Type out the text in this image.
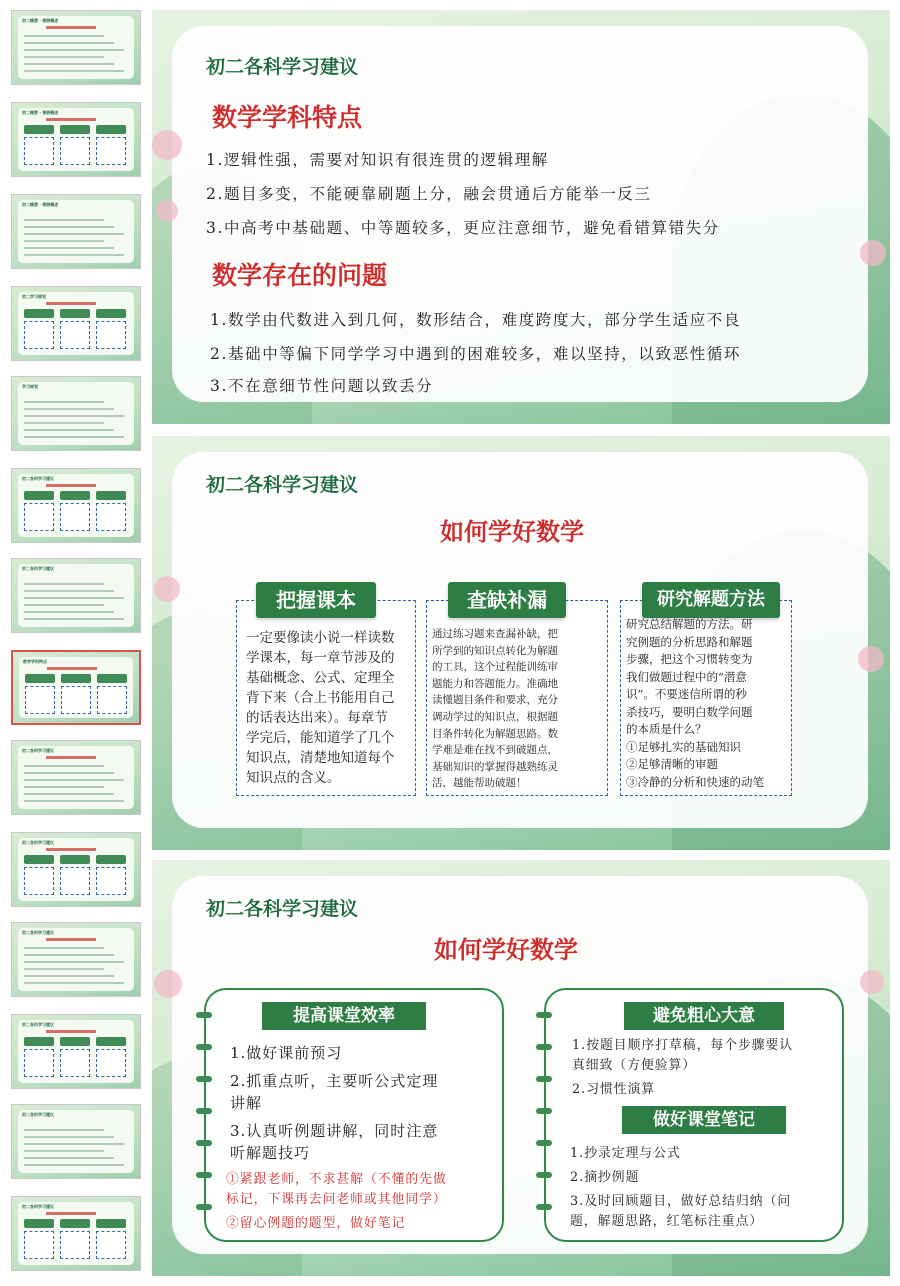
初二概要 · 寒假概述
初二概要 · 寒假概述
初二概要 · 寒假概述
初二学习规划
学习规划
初二各科学习建议
初二各科学习建议
数学学科特点
初二各科学习建议
初二各科学习建议
初二各科学习建议
初二各科学习建议
初二各科学习建议
初二各科学习建议
初二各科学习建议
数学学科特点
1.逻辑性强，需要对知识有很连贯的逻辑理解
2.题目多变，不能硬靠刷题上分，融会贯通后方能举一反三
3.中高考中基础题、中等题较多，更应注意细节，避免看错算错失分
数学存在的问题
1.数学由代数进入到几何，数形结合，难度跨度大，部分学生适应不良
2.基础中等偏下同学学习中遇到的困难较多，难以坚持，以致恶性循环
3.不在意细节性问题以致丢分
初二各科学习建议
如何学好数学
把握课本
一定要像读小说一样读数
学课本，每一章节涉及的
基础概念、公式、定理全
背下来（合上书能用自己
的话表达出来）。每章节
学完后，能知道学了几个
知识点，清楚地知道每个
知识点的含义。
查缺补漏
通过练习题来查漏补缺，把
所学到的知识点转化为解题
的工具，这个过程能训练审
题能力和答题能力。准确地
读懂题目条件和要求，充分
调动学过的知识点，根据题
目条件转化为解题思路。数
学难是难在找不到破题点，
基础知识的掌握得越熟练灵
活，越能帮助破题！
研究解题方法
研究总结解题的方法。研
究例题的分析思路和解题
步骤，把这个习惯转变为
我们做题过程中的“潜意
识”。不要迷信所谓的秒
杀技巧，要明白数学问题
的本质是什么？
①足够扎实的基础知识
②足够清晰的审题
③冷静的分析和快速的动笔
初二各科学习建议
如何学好数学
提高课堂效率
1.做好课前预习
2.抓重点听，主要听公式定理
讲解
3.认真听例题讲解，同时注意
听解题技巧
①紧跟老师，不求甚解（不懂的先做
标记，下课再去问老师或其他同学）
②留心例题的题型，做好笔记
避免粗心大意
1.按题目顺序打草稿，每个步骤要认
真细致（方便验算）
2.习惯性演算
做好课堂笔记
1.抄录定理与公式
2.摘抄例题
3.及时回顾题目，做好总结归纳（问
题，解题思路，红笔标注重点）
